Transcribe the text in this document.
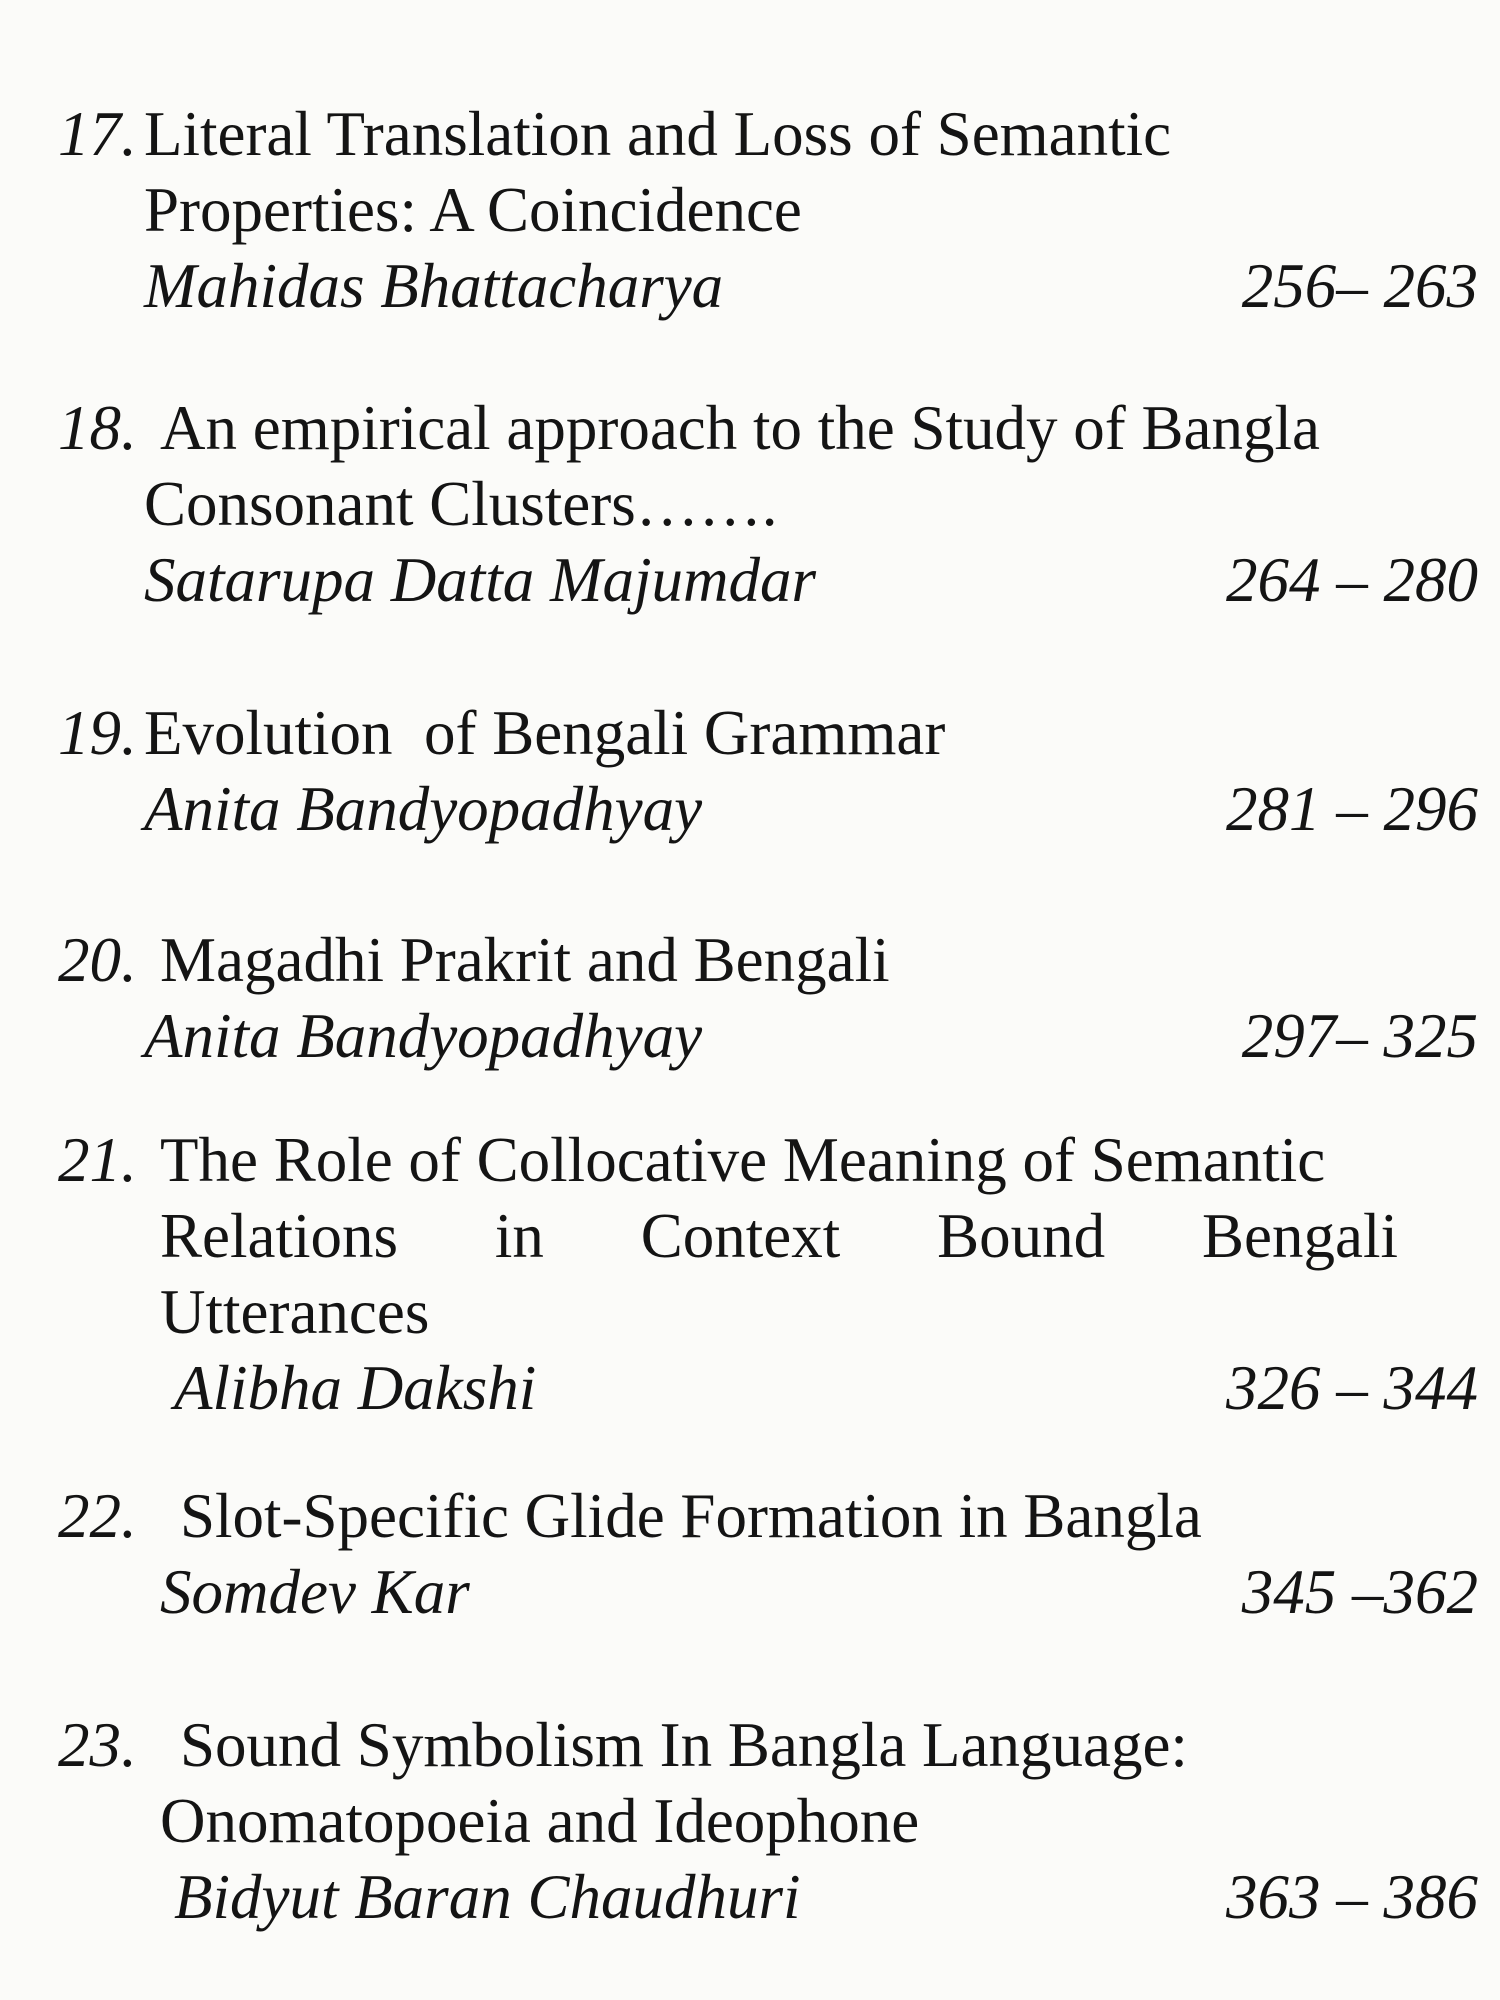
17. Literal Translation and Loss of Semantic
Properties: A Coincidence
Mahidas Bhattacharya	256– 263
18. An empirical approach to the Study of Bangla
Consonant Clusters…….
Satarupa Datta Majumdar	264 – 280
19. Evolution  of Bengali Grammar
Anita Bandyopadhyay	281 – 296
20. Magadhi Prakrit and Bengali
Anita Bandyopadhyay	297– 325
21. The Role of Collocative Meaning of Semantic
Relations in Context Bound Bengali
Utterances
Alibha Dakshi	326 – 344
22. Slot-Specific Glide Formation in Bangla
Somdev Kar	345 –362
23. Sound Symbolism In Bangla Language:
Onomatopoeia and Ideophone
Bidyut Baran Chaudhuri	363 – 386
